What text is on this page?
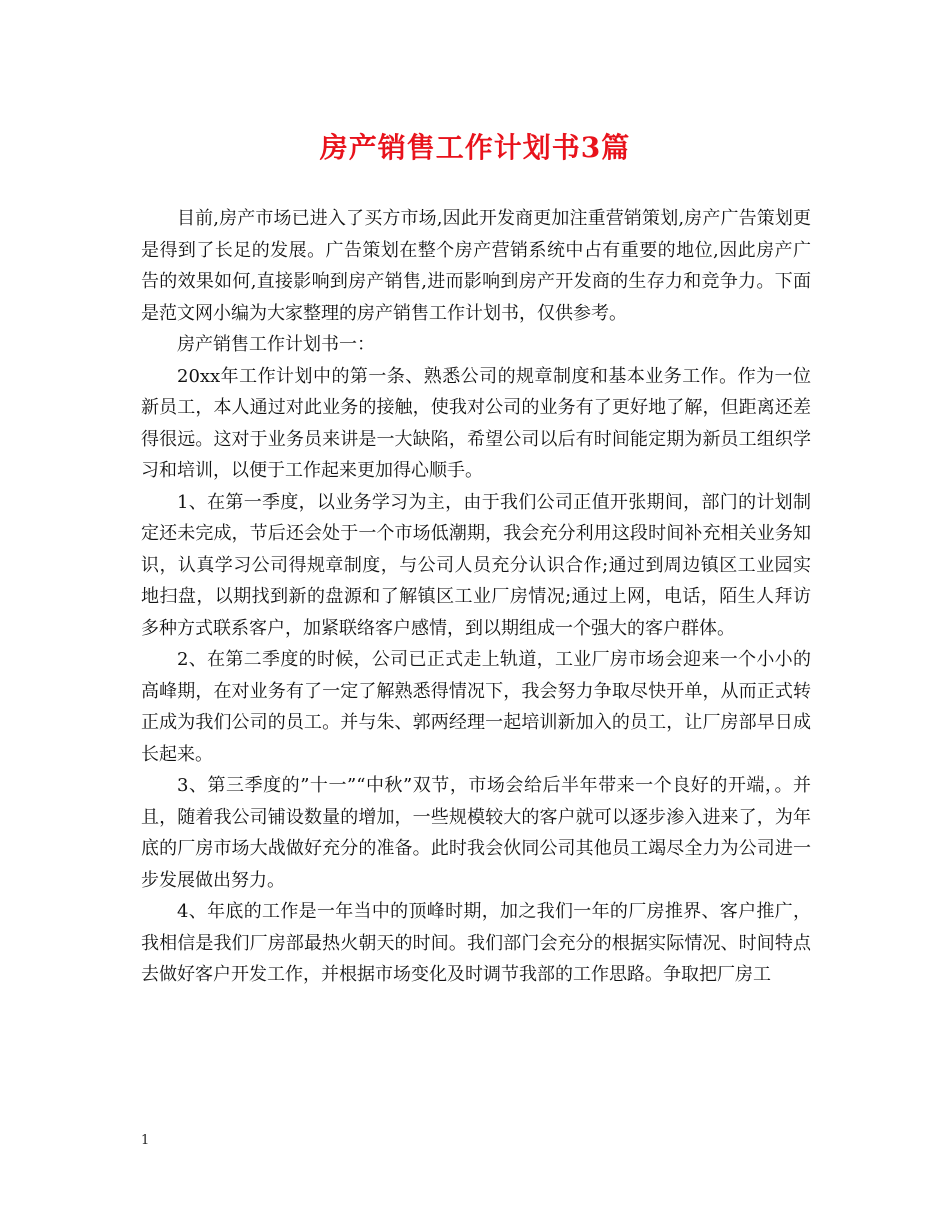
房产销售工作计划书3篇

目前,房产市场已进入了买方市场,因此开发商更加注重营销策划,房产广告策划更是得到了长足的发展。广告策划在整个房产营销系统中占有重要的地位,因此房产广告的效果如何,直接影响到房产销售,进而影响到房产开发商的生存力和竞争力。下面是范文网小编为大家整理的房产销售工作计划书，仅供参考。

房产销售工作计划书一：

20xx年工作计划中的第一条、熟悉公司的规章制度和基本业务工作。作为一位新员工，本人通过对此业务的接触，使我对公司的业务有了更好地了解，但距离还差得很远。这对于业务员来讲是一大缺陷，希望公司以后有时间能定期为新员工组织学习和培训，以便于工作起来更加得心顺手。

1、在第一季度，以业务学习为主，由于我们公司正值开张期间，部门的计划制定还未完成，节后还会处于一个市场低潮期，我会充分利用这段时间补充相关业务知识，认真学习公司得规章制度，与公司人员充分认识合作;通过到周边镇区工业园实地扫盘，以期找到新的盘源和了解镇区工业厂房情况;通过上网，电话，陌生人拜访多种方式联系客户，加紧联络客户感情，到以期组成一个强大的客户群体。

2、在第二季度的时候，公司已正式走上轨道，工业厂房市场会迎来一个小小的高峰期，在对业务有了一定了解熟悉得情况下，我会努力争取尽快开单，从而正式转正成为我们公司的员工。并与朱、郭两经理一起培训新加入的员工，让厂房部早日成长起来。

3、第三季度的”十一”“中秋”双节，市场会给后半年带来一个良好的开端，。并且，随着我公司铺设数量的增加，一些规模较大的客户就可以逐步渗入进来了，为年底的厂房市场大战做好充分的准备。此时我会伙同公司其他员工竭尽全力为公司进一步发展做出努力。

4、年底的工作是一年当中的顶峰时期，加之我们一年的厂房推界、客户推广，我相信是我们厂房部最热火朝天的时间。我们部门会充分的根据实际情况、时间特点去做好客户开发工作，并根据市场变化及时调节我部的工作思路。争取把厂房工

1
